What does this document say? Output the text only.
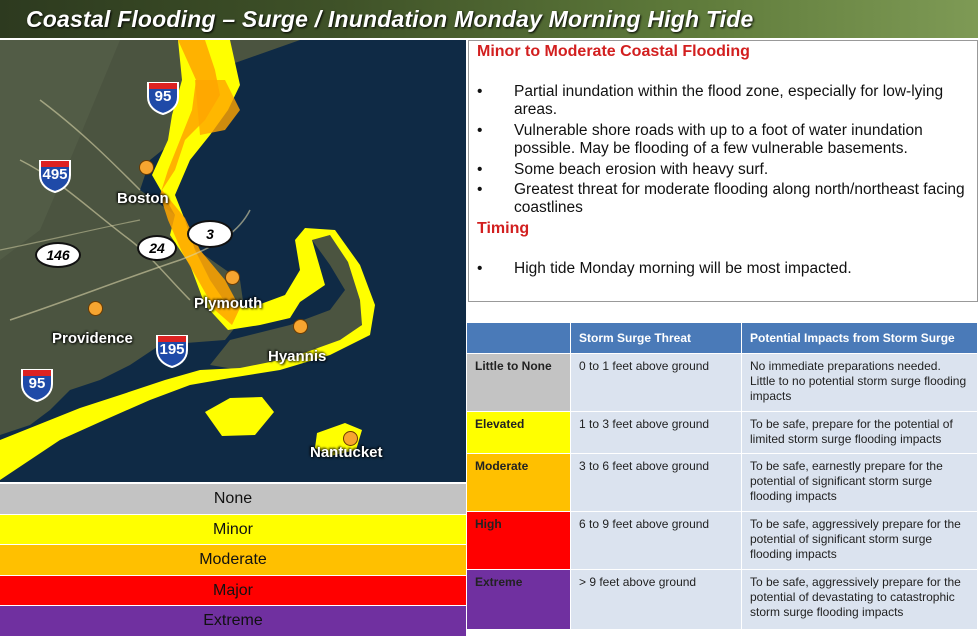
Coastal Flooding – Surge / Inundation Monday Morning High Tide
Boston
Plymouth
Providence
Hyannis
Nantucket
146	24
3
95
495
195
95
None
Minor
Moderate
Major
Extreme
Minor to Moderate Coastal Flooding
• Partial inundation within the flood zone, especially for low-lying areas.
• Vulnerable shore roads with up to a foot of water inundation possible. May be flooding of a few vulnerable basements.
• Some beach erosion with heavy surf.
• Greatest threat for moderate flooding along north/northeast facing coastlines
Timing
• High tide Monday morning will be most impacted.
	Storm Surge Threat	Potential Impacts from Storm Surge
Little to None	0 to 1 feet above ground	No immediate preparations needed. Little to no potential storm surge flooding impacts
Elevated	1 to 3 feet above ground	To be safe, prepare for the potential of limited storm surge flooding impacts
Moderate	3 to 6 feet above ground	To be safe, earnestly prepare for the potential of significant storm surge flooding impacts
High	6 to 9 feet above ground	To be safe, aggressively prepare for the potential of significant storm surge flooding impacts
Extreme	> 9 feet above ground	To be safe, aggressively prepare for the potential of devastating to catastrophic storm surge flooding impacts
